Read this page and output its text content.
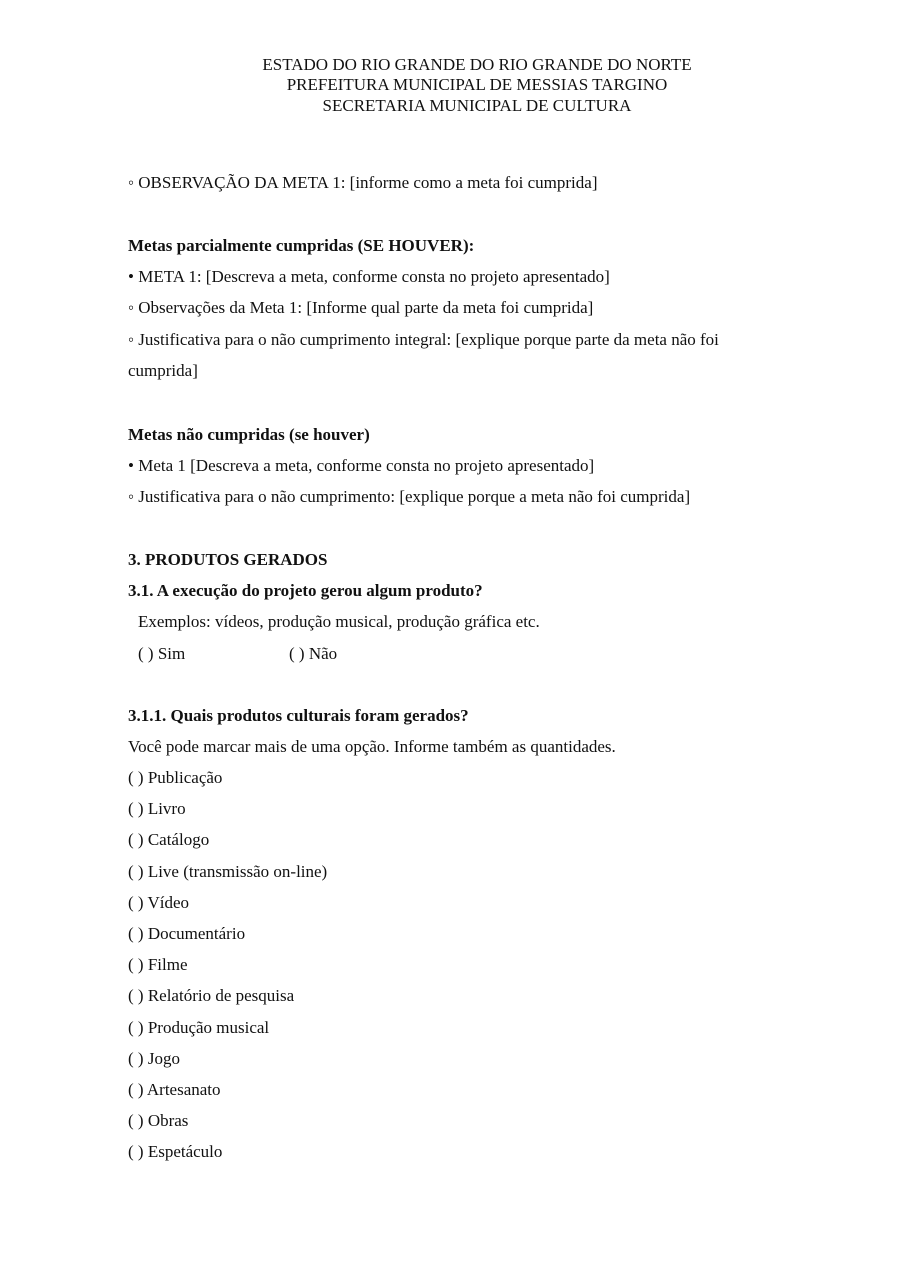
ESTADO DO RIO GRANDE DO RIO GRANDE DO NORTE
PREFEITURA MUNICIPAL DE MESSIAS TARGINO
SECRETARIA MUNICIPAL DE CULTURA
◦ OBSERVAÇÃO DA META 1: [informe como a meta foi cumprida]
Metas parcialmente cumpridas (SE HOUVER):
• META 1: [Descreva a meta, conforme consta no projeto apresentado]
◦ Observações da Meta 1: [Informe qual parte da meta foi cumprida]
◦ Justificativa para o não cumprimento integral: [explique porque parte da meta não foi
cumprida]
Metas não cumpridas (se houver)
• Meta 1 [Descreva a meta, conforme consta no projeto apresentado]
◦ Justificativa para o não cumprimento: [explique porque a meta não foi cumprida]
3. PRODUTOS GERADOS
3.1. A execução do projeto gerou algum produto?
Exemplos: vídeos, produção musical, produção gráfica etc.
( ) Sim	( ) Não
3.1.1. Quais produtos culturais foram gerados?
Você pode marcar mais de uma opção. Informe também as quantidades.
( ) Publicação
( ) Livro
( ) Catálogo
( ) Live (transmissão on-line)
( ) Vídeo
( ) Documentário
( ) Filme
( ) Relatório de pesquisa
( ) Produção musical
( ) Jogo
( ) Artesanato
( ) Obras
( ) Espetáculo
